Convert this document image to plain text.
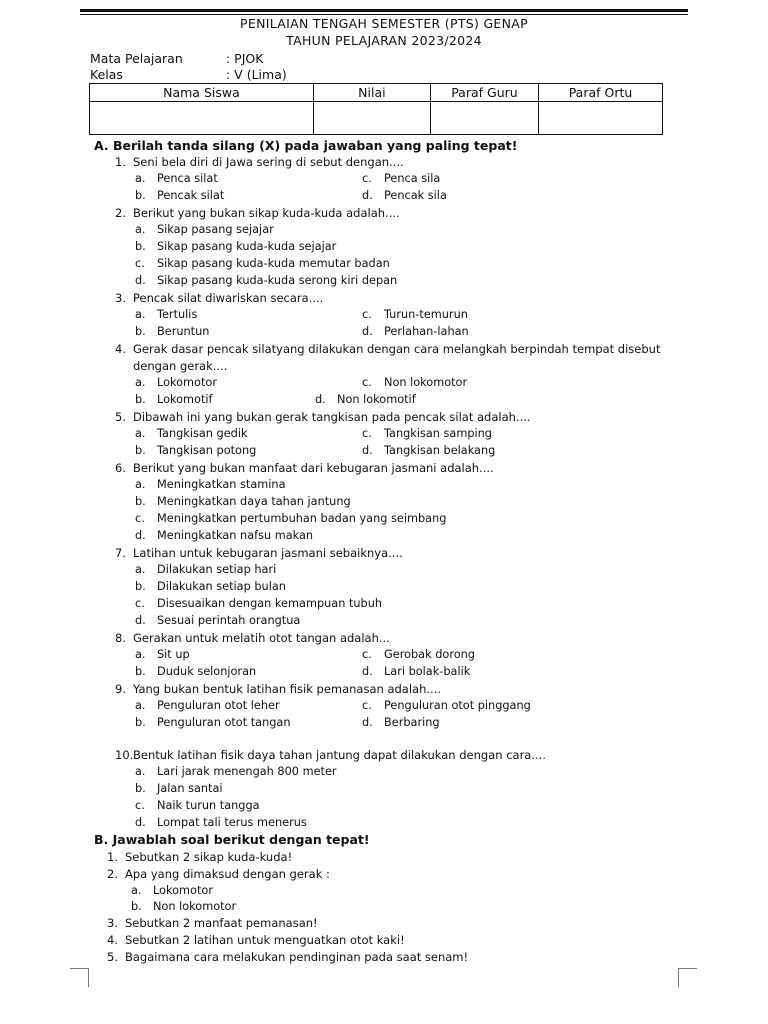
PENILAIAN TENGAH SEMESTER (PTS) GENAP
TAHUN PELAJARAN 2023/2024
Mata Pelajaran	: PJOK
Kelas	: V (Lima)
Nama Siswa	Nilai	Paraf Guru	Paraf Ortu

A. Berilah tanda silang (X) pada jawaban yang paling tepat!
1. Seni bela diri di Jawa sering di sebut dengan....
a. Penca silat	c. Penca sila
b. Pencak silat	d. Pencak sila
2. Berikut yang bukan sikap kuda-kuda adalah....
a. Sikap pasang sejajar
b. Sikap pasang kuda-kuda sejajar
c. Sikap pasang kuda-kuda memutar badan
d. Sikap pasang kuda-kuda serong kiri depan
3. Pencak silat diwariskan secara....
a. Tertulis	c. Turun-temurun
b. Beruntun	d. Perlahan-lahan
4. Gerak dasar pencak silatyang dilakukan dengan cara melangkah berpindah tempat disebut
dengan gerak....
a. Lokomotor	c. Non lokomotor
b. Lokomotif	d. Non lokomotif
5. Dibawah ini yang bukan gerak tangkisan pada pencak silat adalah....
a. Tangkisan gedik	c. Tangkisan samping
b. Tangkisan potong	d. Tangkisan belakang
6. Berikut yang bukan manfaat dari kebugaran jasmani adalah....
a. Meningkatkan stamina
b. Meningkatkan daya tahan jantung
c. Meningkatkan pertumbuhan badan yang seimbang
d. Meningkatkan nafsu makan
7. Latihan untuk kebugaran jasmani sebaiknya....
a. Dilakukan setiap hari
b. Dilakukan setiap bulan
c. Disesuaikan dengan kemampuan tubuh
d. Sesuai perintah orangtua
8. Gerakan untuk melatih otot tangan adalah...
a. Sit up	c. Gerobak dorong
b. Duduk selonjoran	d. Lari bolak-balik
9. Yang bukan bentuk latihan fisik pemanasan adalah....
a. Penguluran otot leher	c. Penguluran otot pinggang
b. Penguluran otot tangan	d. Berbaring
10.Bentuk latihan fisik daya tahan jantung dapat dilakukan dengan cara....
a. Lari jarak menengah 800 meter
b. Jalan santai
c. Naik turun tangga
d. Lompat tali terus menerus
B. Jawablah soal berikut dengan tepat!
1. Sebutkan 2 sikap kuda-kuda!
2. Apa yang dimaksud dengan gerak :
a. Lokomotor
b. Non lokomotor
3. Sebutkan 2 manfaat pemanasan!
4. Sebutkan 2 latihan untuk menguatkan otot kaki!
5. Bagaimana cara melakukan pendinginan pada saat senam!
